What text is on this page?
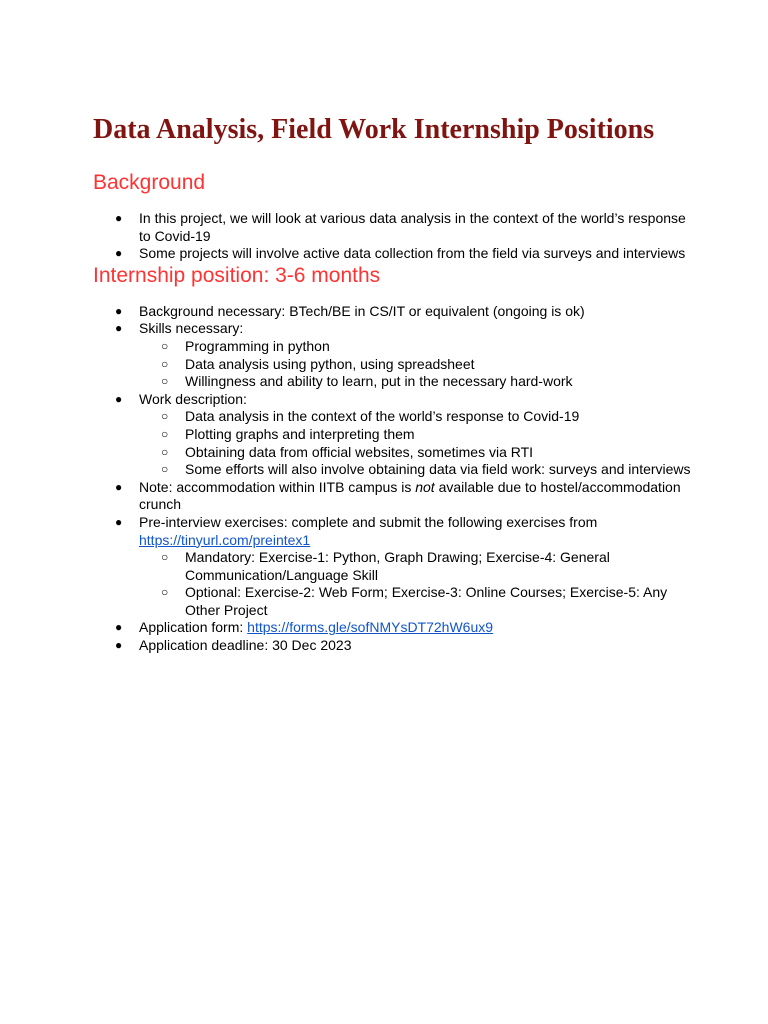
Data Analysis, Field Work Internship Positions
Background
● In this project, we will look at various data analysis in the context of the world’s response to Covid-19
● Some projects will involve active data collection from the field via surveys and interviews
Internship position: 3-6 months
● Background necessary: BTech/BE in CS/IT or equivalent (ongoing is ok)
● Skills necessary:
○ Programming in python
○ Data analysis using python, using spreadsheet
○ Willingness and ability to learn, put in the necessary hard-work
● Work description:
○ Data analysis in the context of the world’s response to Covid-19
○ Plotting graphs and interpreting them
○ Obtaining data from official websites, sometimes via RTI
○ Some efforts will also involve obtaining data via field work: surveys and interviews
● Note: accommodation within IITB campus is not available due to hostel/accommodation crunch
● Pre-interview exercises: complete and submit the following exercises from https://tinyurl.com/preintex1
○ Mandatory: Exercise-1: Python, Graph Drawing; Exercise-4: General Communication/Language Skill
○ Optional: Exercise-2: Web Form; Exercise-3: Online Courses; Exercise-5: Any Other Project
● Application form: https://forms.gle/sofNMYsDT72hW6ux9
● Application deadline: 30 Dec 2023
